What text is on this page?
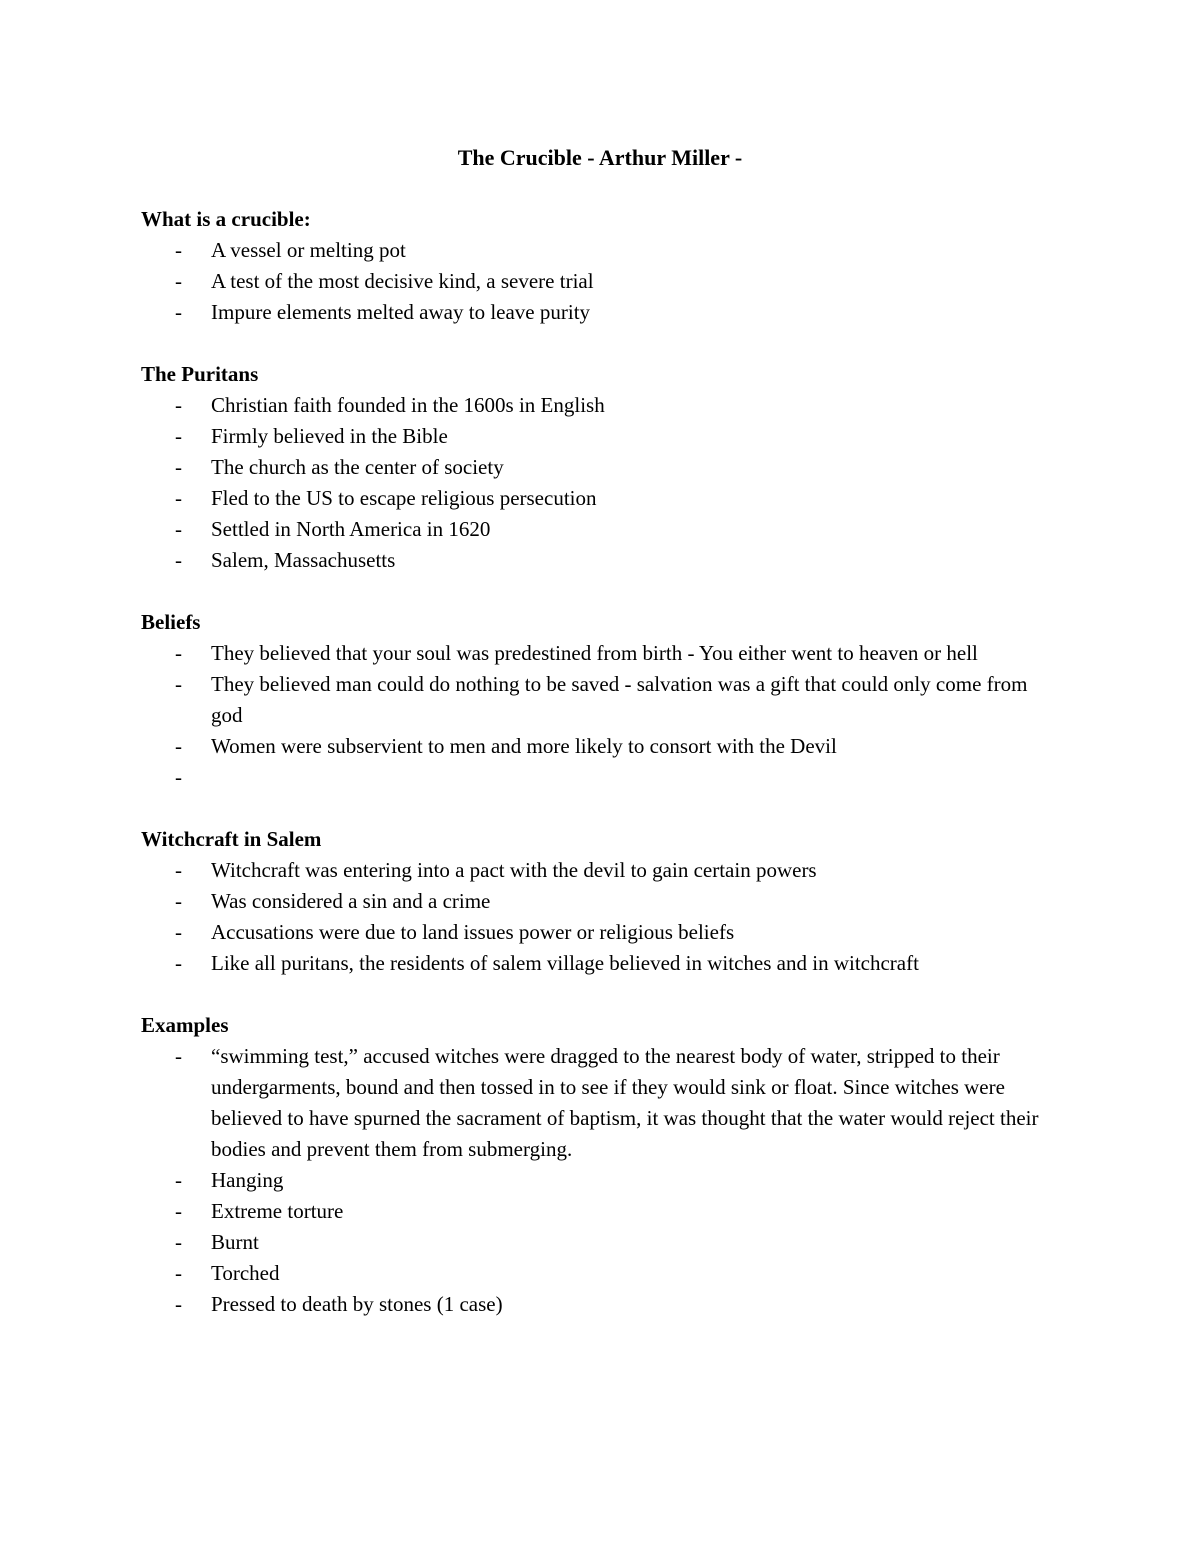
The Crucible - Arthur Miller -
What is a crucible:
- A vessel or melting pot
- A test of the most decisive kind, a severe trial
- Impure elements melted away to leave purity
The Puritans
- Christian faith founded in the 1600s in English
- Firmly believed in the Bible
- The church as the center of society
- Fled to the US to escape religious persecution
- Settled in North America in 1620
- Salem, Massachusetts
Beliefs
- They believed that your soul was predestined from birth - You either went to heaven or hell
- They believed man could do nothing to be saved - salvation was a gift that could only come from god
- Women were subservient to men and more likely to consort with the Devil
-
Witchcraft in Salem
- Witchcraft was entering into a pact with the devil to gain certain powers
- Was considered a sin and a crime
- Accusations were due to land issues power or religious beliefs
- Like all puritans, the residents of salem village believed in witches and in witchcraft
Examples
- “swimming test,” accused witches were dragged to the nearest body of water, stripped to their undergarments, bound and then tossed in to see if they would sink or float. Since witches were believed to have spurned the sacrament of baptism, it was thought that the water would reject their bodies and prevent them from submerging.
- Hanging
- Extreme torture
- Burnt
- Torched
- Pressed to death by stones (1 case)
